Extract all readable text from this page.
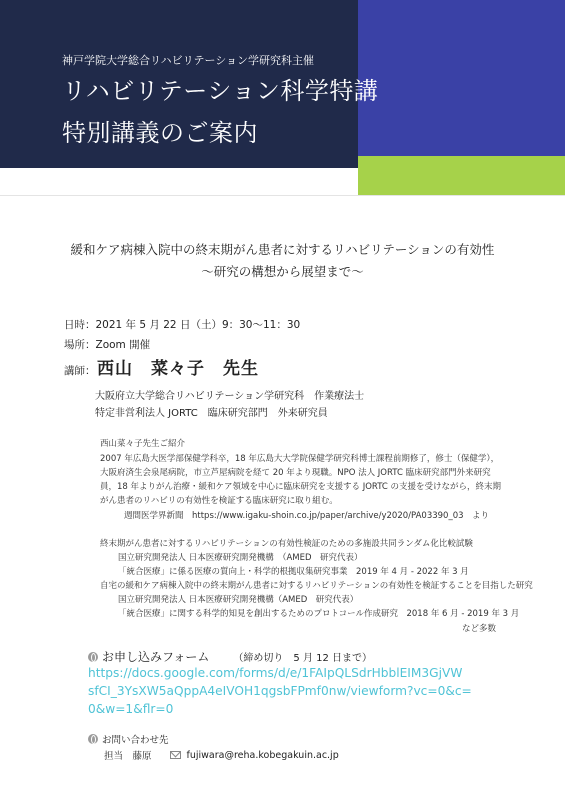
神戸学院大学総合リハビリテーション学研究科主催
リハビリテーション科学特講
特別講義のご案内
緩和ケア病棟入院中の終末期がん患者に対するリハビリテーションの有効性
～研究の構想から展望まで～
日時：2021 年 5 月 22 日（土）9：30～11：30
場所：Zoom 開催
講師： 西山　菜々子　先生
大阪府立大学総合リハビリテーション学研究科　作業療法士
特定非営利法人 JORTC　臨床研究部門　外来研究員
西山菜々子先生ご紹介
2007 年広島大医学部保健学科卒，18 年広島大大学院保健学研究科博士課程前期修了，修士（保健学），
大阪府済生会泉尾病院，市立芦屋病院を経て 20 年より現職。NPO 法人 JORTC 臨床研究部門外来研究
員，18 年よりがん治療・緩和ケア領域を中心に臨床研究を支援する JORTC の支援を受けながら，終末期
がん患者のリハビリの有効性を検証する臨床研究に取り組む。
週間医学界新聞　https://www.igaku-shoin.co.jp/paper/archive/y2020/PA03390_03　より
終末期がん患者に対するリハビリテーションの有効性検証のための多施設共同ランダム化比較試験
国立研究開発法人 日本医療研究開発機構　（AMED　研究代表）
「統合医療」に係る医療の質向上・科学的根拠収集研究事業　2019 年 4 月 - 2022 年 3 月
自宅の緩和ケア病棟入院中の終末期がん患者に対するリハビリテーションの有効性を検証することを目指した研究
国立研究開発法人 日本医療研究開発機構（AMED　研究代表）
「統合医療」に関する科学的知見を創出するためのプロトコール作成研究　2018 年 6 月 - 2019 年 3 月
など多数
お申し込みフォーム （締め切り　5 月 12 日まで）
https://docs.google.com/forms/d/e/1FAIpQLSdrHbblEIM3GjVW
sfCI_3YsXW5aQppA4eIVOH1qgsbFPmf0nw/viewform?vc=0&c=
0&w=1&flr=0
お問い合わせ先
担当　藤原	fujiwara@reha.kobegakuin.ac.jp
